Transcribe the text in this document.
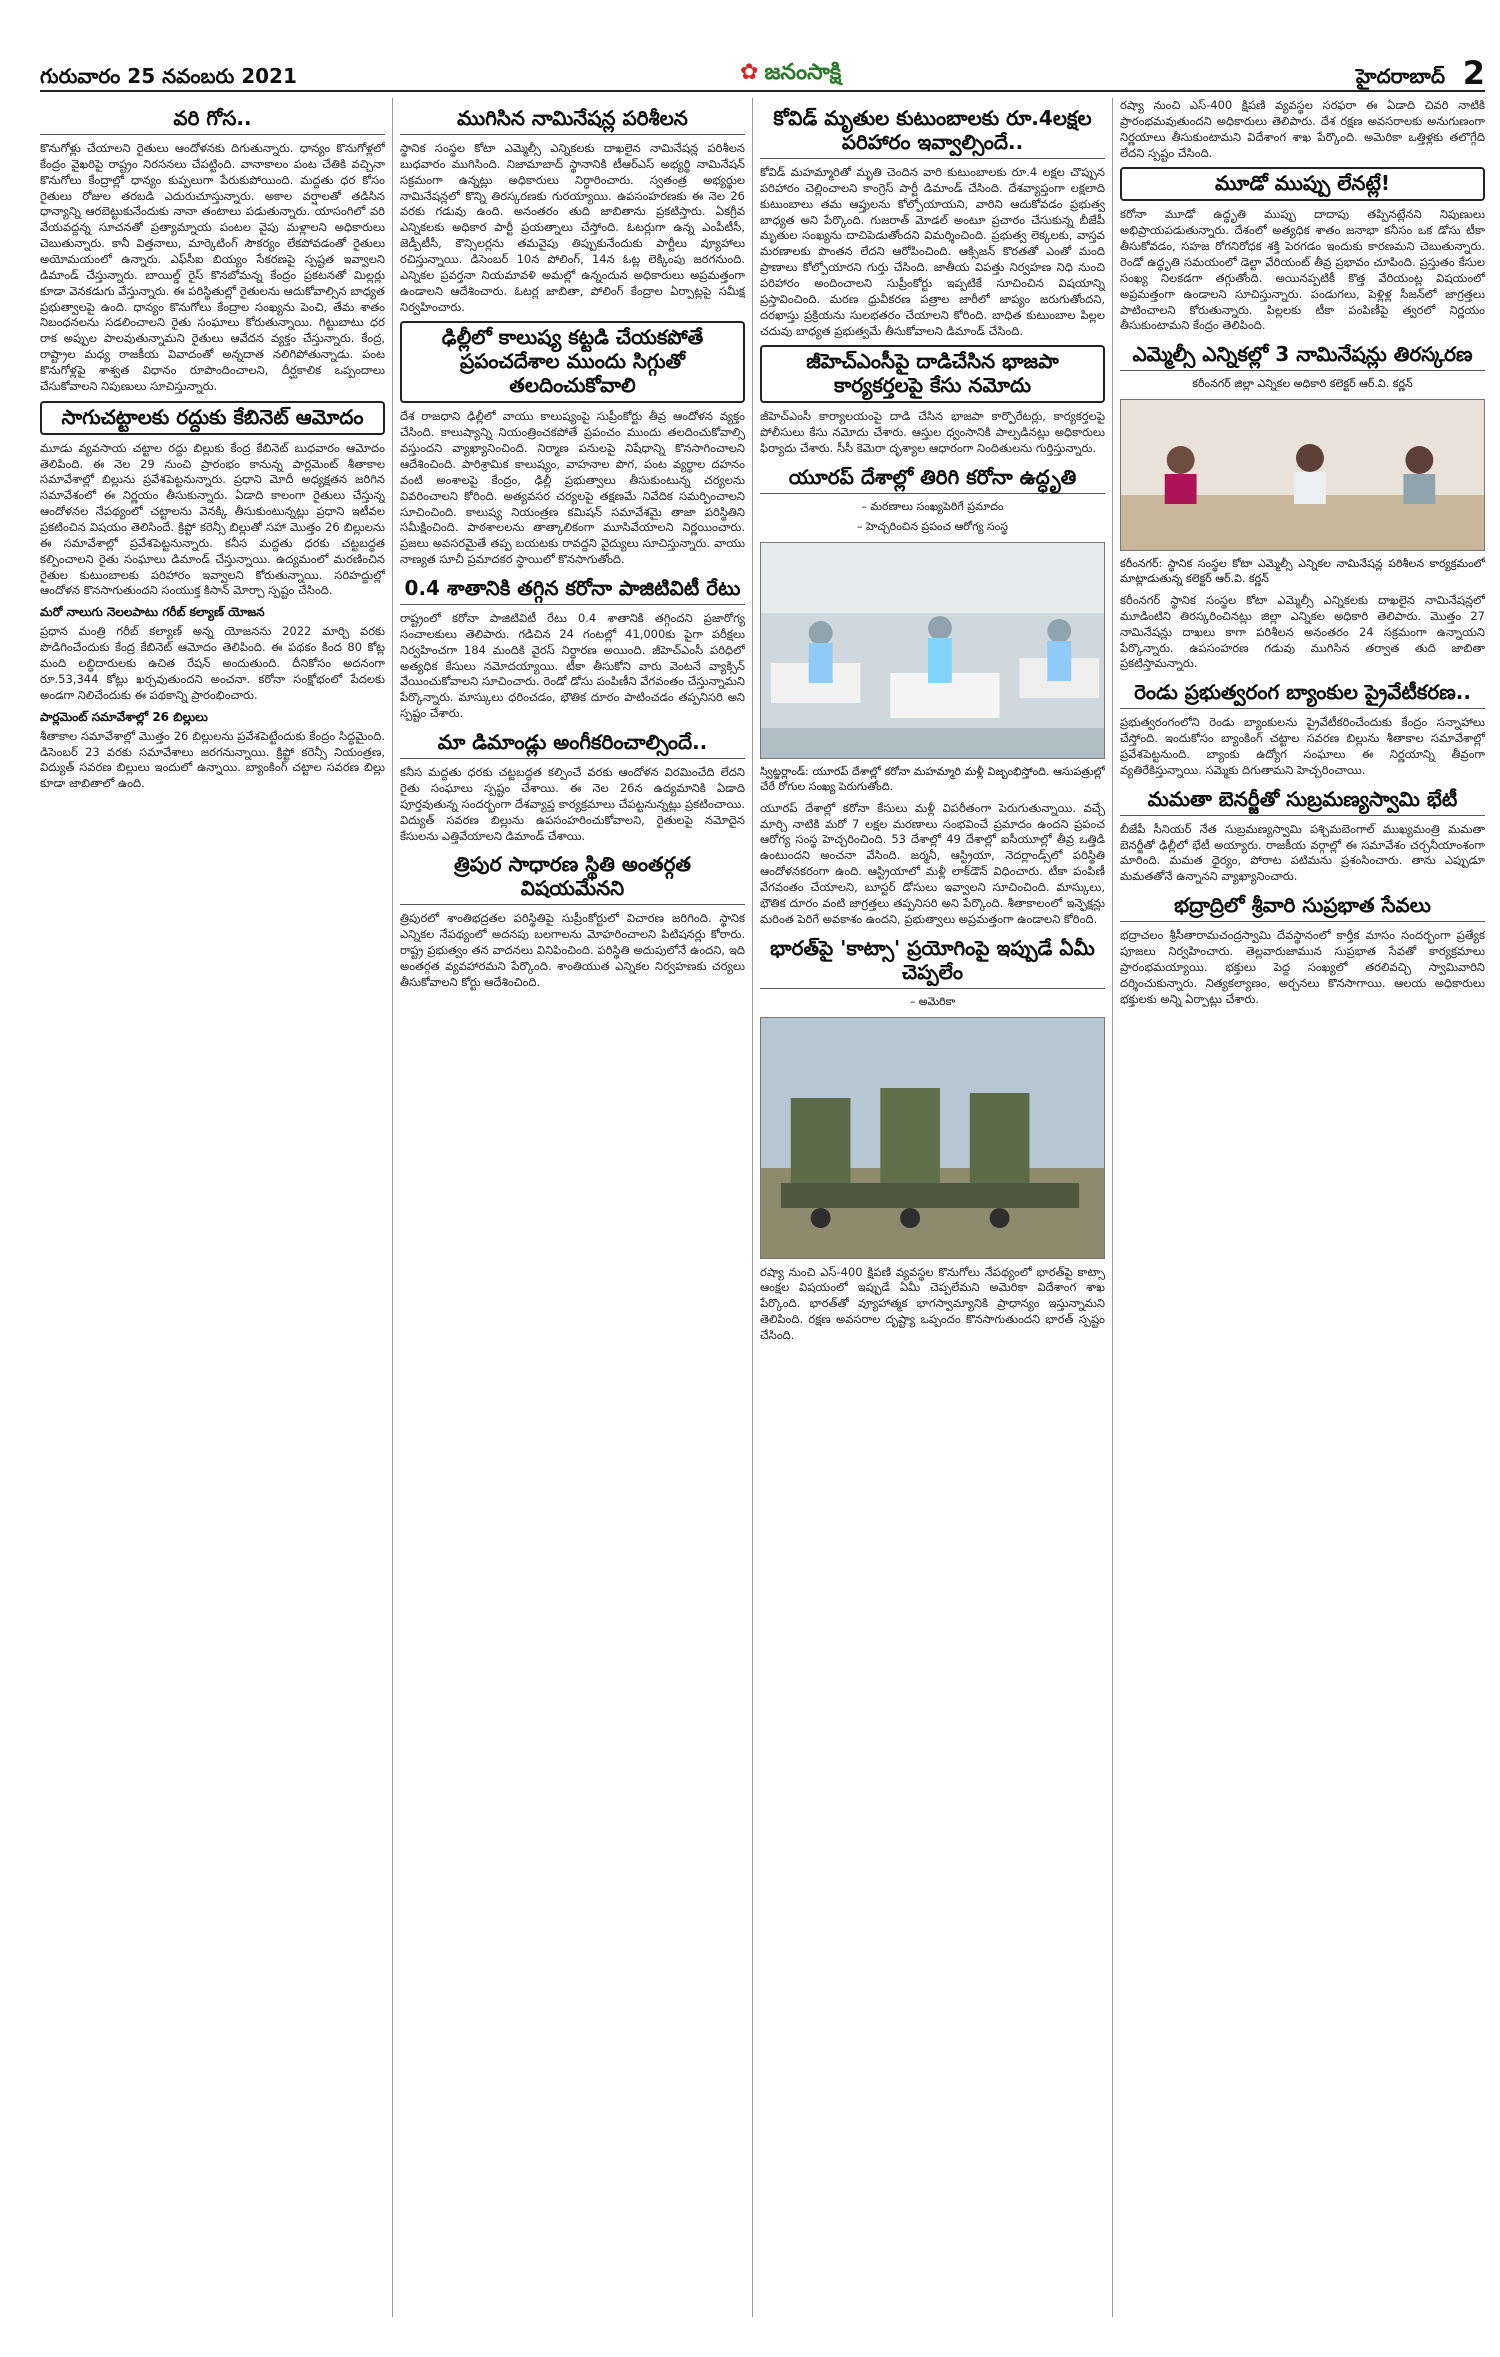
గురువారం 25 నవంబరు 2021	✿ జనంసాక్షి	హైదరాబాద్ 2
వరి గోస..

కొనుగోళ్లు చేయాలని రైతులు ఆందోళనకు దిగుతున్నారు. ధాన్యం కొనుగోళ్లలో కేంద్రం వైఖరిపై రాష్ట్రం నిరసనలు చేపట్టింది. వానాకాలం పంట చేతికి వచ్చినా కొనుగోలు కేంద్రాల్లో ధాన్యం కుప్పలుగా పేరుకుపోయింది. మద్దతు ధర కోసం రైతులు రోజుల తరబడి ఎదురుచూస్తున్నారు. అకాల వర్షాలతో తడిసిన ధాన్యాన్ని ఆరబెట్టుకునేందుకు నానా తంటాలు పడుతున్నారు. యాసంగిలో వరి వేయవద్దన్న సూచనతో ప్రత్యామ్నాయ పంటల వైపు మళ్లాలని అధికారులు చెబుతున్నారు. కానీ విత్తనాలు, మార్కెటింగ్ సౌకర్యం లేకపోవడంతో రైతులు అయోమయంలో ఉన్నారు. ఎఫ్‌సీఐ బియ్యం సేకరణపై స్పష్టత ఇవ్వాలని డిమాండ్ చేస్తున్నారు. బాయిల్డ్ రైస్ కొనబోమన్న కేంద్రం ప్రకటనతో మిల్లర్లు కూడా వెనకడుగు వేస్తున్నారు. ఈ పరిస్థితుల్లో రైతులను ఆదుకోవాల్సిన బాధ్యత ప్రభుత్వాలపై ఉంది. ధాన్యం కొనుగోలు కేంద్రాల సంఖ్యను పెంచి, తేమ శాతం నిబంధనలను సడలించాలని రైతు సంఘాలు కోరుతున్నాయి. గిట్టుబాటు ధర రాక అప్పుల పాలవుతున్నామని రైతులు ఆవేదన వ్యక్తం చేస్తున్నారు. కేంద్ర, రాష్ట్రాల మధ్య రాజకీయ వివాదంతో అన్నదాత నలిగిపోతున్నాడు. పంట కొనుగోళ్లపై శాశ్వత విధానం రూపొందించాలని, దీర్ఘకాలిక ఒప్పందాలు చేసుకోవాలని నిపుణులు సూచిస్తున్నారు.

సాగుచట్టాలకు రద్దుకు కేబినెట్ ఆమోదం

మూడు వ్యవసాయ చట్టాల రద్దు బిల్లుకు కేంద్ర కేబినెట్ బుధవారం ఆమోదం తెలిపింది. ఈ నెల 29 నుంచి ప్రారంభం కానున్న పార్లమెంట్ శీతాకాల సమావేశాల్లో బిల్లును ప్రవేశపెట్టనున్నారు. ప్రధాని మోదీ అధ్యక్షతన జరిగిన సమావేశంలో ఈ నిర్ణయం తీసుకున్నారు. ఏడాది కాలంగా రైతులు చేస్తున్న ఆందోళనల నేపథ్యంలో చట్టాలను వెనక్కి తీసుకుంటున్నట్లు ప్రధాని ఇటీవల ప్రకటించిన విషయం తెలిసిందే. క్రిప్టో కరెన్సీ బిల్లుతో సహా మొత్తం 26 బిల్లులను ఈ సమావేశాల్లో ప్రవేశపెట్టనున్నారు. కనీస మద్దతు ధరకు చట్టబద్ధత కల్పించాలని రైతు సంఘాలు డిమాండ్ చేస్తున్నాయి. ఉద్యమంలో మరణించిన రైతుల కుటుంబాలకు పరిహారం ఇవ్వాలని కోరుతున్నాయి. సరిహద్దుల్లో ఆందోళన కొనసాగుతుందని సంయుక్త కిసాన్ మోర్చా స్పష్టం చేసింది.

మరో నాలుగు నెలలపాటు గరీబ్ కల్యాణ్ యోజన

ప్రధాన మంత్రి గరీబ్ కల్యాణ్ అన్న యోజనను 2022 మార్చి వరకు పొడిగించేందుకు కేంద్ర కేబినెట్ ఆమోదం తెలిపింది. ఈ పథకం కింద 80 కోట్ల మంది లబ్ధిదారులకు ఉచిత రేషన్ అందుతుంది. దీనికోసం అదనంగా రూ.53,344 కోట్లు ఖర్చవుతుందని అంచనా. కరోనా సంక్షోభంలో పేదలకు అండగా నిలిచేందుకు ఈ పథకాన్ని ప్రారంభించారు.

పార్లమెంట్ సమావేశాల్లో 26 బిల్లులు

శీతాకాల సమావేశాల్లో మొత్తం 26 బిల్లులను ప్రవేశపెట్టేందుకు కేంద్రం సిద్ధమైంది. డిసెంబర్ 23 వరకు సమావేశాలు జరగనున్నాయి. క్రిప్టో కరెన్సీ నియంత్రణ, విద్యుత్ సవరణ బిల్లులు ఇందులో ఉన్నాయి. బ్యాంకింగ్ చట్టాల సవరణ బిల్లు కూడా జాబితాలో ఉంది.

ముగిసిన నామినేషన్ల పరిశీలన

స్థానిక సంస్థల కోటా ఎమ్మెల్సీ ఎన్నికలకు దాఖలైన నామినేషన్ల పరిశీలన బుధవారం ముగిసింది. నిజామాబాద్ స్థానానికి టీఆర్ఎస్ అభ్యర్థి నామినేషన్ సక్రమంగా ఉన్నట్లు అధికారులు నిర్ధారించారు. స్వతంత్ర అభ్యర్థుల నామినేషన్లలో కొన్ని తిరస్కరణకు గురయ్యాయి. ఉపసంహరణకు ఈ నెల 26 వరకు గడువు ఉంది. అనంతరం తుది జాబితాను ప్రకటిస్తారు. ఏకగ్రీవ ఎన్నికలకు అధికార పార్టీ ప్రయత్నాలు చేస్తోంది. ఓటర్లుగా ఉన్న ఎంపీటీసీ, జెడ్పీటీసీ, కౌన్సిలర్లను తమవైపు తిప్పుకునేందుకు పార్టీలు వ్యూహాలు రచిస్తున్నాయి. డిసెంబర్ 10న పోలింగ్, 14న ఓట్ల లెక్కింపు జరగనుంది. ఎన్నికల ప్రవర్తనా నియమావళి అమల్లో ఉన్నందున అధికారులు అప్రమత్తంగా ఉండాలని ఆదేశించారు. ఓటర్ల జాబితా, పోలింగ్ కేంద్రాల ఏర్పాట్లపై సమీక్ష నిర్వహించారు.

ఢిల్లీలో కాలుష్య కట్టడి చేయకపోతే ప్రపంచదేశాల ముందు సిగ్గుతో తలదించుకోవాలి

దేశ రాజధాని ఢిల్లీలో వాయు కాలుష్యంపై సుప్రీంకోర్టు తీవ్ర ఆందోళన వ్యక్తం చేసింది. కాలుష్యాన్ని నియంత్రించకపోతే ప్రపంచం ముందు తలదించుకోవాల్సి వస్తుందని వ్యాఖ్యానించింది. నిర్మాణ పనులపై నిషేధాన్ని కొనసాగించాలని ఆదేశించింది. పారిశ్రామిక కాలుష్యం, వాహనాల పొగ, పంట వ్యర్థాల దహనం వంటి అంశాలపై కేంద్రం, ఢిల్లీ ప్రభుత్వాలు తీసుకుంటున్న చర్యలను వివరించాలని కోరింది. అత్యవసర చర్యలపై తక్షణమే నివేదిక సమర్పించాలని సూచించింది. కాలుష్య నియంత్రణ కమిషన్ సమావేశమై తాజా పరిస్థితిని సమీక్షించింది. పాఠశాలలను తాత్కాలికంగా మూసివేయాలని నిర్ణయించారు. ప్రజలు అవసరమైతే తప్ప బయటకు రావద్దని వైద్యులు సూచిస్తున్నారు. వాయు నాణ్యత సూచీ ప్రమాదకర స్థాయిలో కొనసాగుతోంది.

0.4 శాతానికి తగ్గిన కరోనా పాజిటివిటీ రేటు

రాష్ట్రంలో కరోనా పాజిటివిటీ రేటు 0.4 శాతానికి తగ్గిందని ప్రజారోగ్య సంచాలకులు తెలిపారు. గడిచిన 24 గంటల్లో 41,000కు పైగా పరీక్షలు నిర్వహించగా 184 మందికి వైరస్ నిర్ధారణ అయింది. జీహెచ్ఎంసీ పరిధిలో అత్యధిక కేసులు నమోదయ్యాయి. టీకా తీసుకోని వారు వెంటనే వ్యాక్సిన్ వేయించుకోవాలని సూచించారు. రెండో డోసు పంపిణీని వేగవంతం చేస్తున్నామని పేర్కొన్నారు. మాస్కులు ధరించడం, భౌతిక దూరం పాటించడం తప్పనిసరి అని స్పష్టం చేశారు.

మా డిమాండ్లు అంగీకరించాల్సిందే..

కనీస మద్దతు ధరకు చట్టబద్ధత కల్పించే వరకు ఆందోళన విరమించేది లేదని రైతు సంఘాలు స్పష్టం చేశాయి. ఈ నెల 26న ఉద్యమానికి ఏడాది పూర్తవుతున్న సందర్భంగా దేశవ్యాప్త కార్యక్రమాలు చేపట్టనున్నట్లు ప్రకటించాయి. విద్యుత్ సవరణ బిల్లును ఉపసంహరించుకోవాలని, రైతులపై నమోదైన కేసులను ఎత్తివేయాలని డిమాండ్ చేశాయి.

త్రిపుర సాధారణ స్థితి అంతర్గత విషయమేనని

త్రిపురలో శాంతిభద్రతల పరిస్థితిపై సుప్రీంకోర్టులో విచారణ జరిగింది. స్థానిక ఎన్నికల నేపథ్యంలో అదనపు బలగాలను మోహరించాలని పిటిషనర్లు కోరారు. రాష్ట్ర ప్రభుత్వం తన వాదనలు వినిపించింది. పరిస్థితి అదుపులోనే ఉందని, ఇది అంతర్గత వ్యవహారమని పేర్కొంది. శాంతియుత ఎన్నికల నిర్వహణకు చర్యలు తీసుకోవాలని కోర్టు ఆదేశించింది.

కోవిడ్ మృతుల కుటుంబాలకు రూ.4లక్షల పరిహారం ఇవ్వాల్సిందే..

కోవిడ్ మహమ్మారితో మృతి చెందిన వారి కుటుంబాలకు రూ.4 లక్షల చొప్పున పరిహారం చెల్లించాలని కాంగ్రెస్ పార్టీ డిమాండ్ చేసింది. దేశవ్యాప్తంగా లక్షలాది కుటుంబాలు తమ ఆప్తులను కోల్పోయాయని, వారిని ఆదుకోవడం ప్రభుత్వ బాధ్యత అని పేర్కొంది. గుజరాత్ మోడల్ అంటూ ప్రచారం చేసుకున్న బీజేపీ మృతుల సంఖ్యను దాచిపెడుతోందని విమర్శించింది. ప్రభుత్వ లెక్కలకు, వాస్తవ మరణాలకు పొంతన లేదని ఆరోపించింది. ఆక్సిజన్ కొరతతో ఎంతో మంది ప్రాణాలు కోల్పోయారని గుర్తు చేసింది. జాతీయ విపత్తు నిర్వహణ నిధి నుంచి పరిహారం అందించాలని సుప్రీంకోర్టు ఇప్పటికే సూచించిన విషయాన్ని ప్రస్తావించింది. మరణ ధ్రువీకరణ పత్రాల జారీలో జాప్యం జరుగుతోందని, దరఖాస్తు ప్రక్రియను సులభతరం చేయాలని కోరింది. బాధిత కుటుంబాల పిల్లల చదువు బాధ్యత ప్రభుత్వమే తీసుకోవాలని డిమాండ్ చేసింది.

జీహెచ్ఎంసీపై దాడిచేసిన భాజపా కార్యకర్తలపై కేసు నమోదు

జీహెచ్ఎంసీ కార్యాలయంపై దాడి చేసిన భాజపా కార్పొరేటర్లు, కార్యకర్తలపై పోలీసులు కేసు నమోదు చేశారు. ఆస్తుల ధ్వంసానికి పాల్పడినట్లు అధికారులు ఫిర్యాదు చేశారు. సీసీ కెమెరా దృశ్యాల ఆధారంగా నిందితులను గుర్తిస్తున్నారు.

యూరప్ దేశాల్లో తిరిగి కరోనా ఉద్ధృతి
– మరణాలు సంఖ్యపెరిగే ప్రమాదం
– హెచ్చరించిన ప్రపంచ ఆరోగ్య సంస్థ

స్విట్జర్లాండ్: యూరప్ దేశాల్లో కరోనా మహమ్మారి మళ్లీ విజృంభిస్తోంది. ఆసుపత్రుల్లో చేరే రోగుల సంఖ్య పెరుగుతోంది.

యూరప్ దేశాల్లో కరోనా కేసులు మళ్లీ విపరీతంగా పెరుగుతున్నాయి. వచ్చే మార్చి నాటికి మరో 7 లక్షల మరణాలు సంభవించే ప్రమాదం ఉందని ప్రపంచ ఆరోగ్య సంస్థ హెచ్చరించింది. 53 దేశాల్లో 49 దేశాల్లో ఐసీయూల్లో తీవ్ర ఒత్తిడి ఉంటుందని అంచనా వేసింది. జర్మనీ, ఆస్ట్రియా, నెదర్లాండ్స్‌లో పరిస్థితి ఆందోళనకరంగా ఉంది. ఆస్ట్రియాలో మళ్లీ లాక్‌డౌన్ విధించారు. టీకా పంపిణీ వేగవంతం చేయాలని, బూస్టర్ డోసులు ఇవ్వాలని సూచించింది. మాస్కులు, భౌతిక దూరం వంటి జాగ్రత్తలు తప్పనిసరి అని పేర్కొంది. శీతాకాలంలో ఇన్ఫెక్షన్లు మరింత పెరిగే అవకాశం ఉందని, ప్రభుత్వాలు అప్రమత్తంగా ఉండాలని కోరింది.

భారత్‌పై 'కాట్సా' ప్రయోగింపై ఇప్పుడే ఏమీ చెప్పలేం
– అమెరికా

రష్యా నుంచి ఎస్-400 క్షిపణి వ్యవస్థల కొనుగోలు నేపథ్యంలో భారత్‌పై కాట్సా ఆంక్షల విషయంలో ఇప్పుడే ఏమీ చెప్పలేమని అమెరికా విదేశాంగ శాఖ పేర్కొంది. భారత్‌తో వ్యూహాత్మక భాగస్వామ్యానికి ప్రాధాన్యం ఇస్తున్నామని తెలిపింది. రక్షణ అవసరాల దృష్ట్యా ఒప్పందం కొనసాగుతుందని భారత్ స్పష్టం చేసింది.

రష్యా నుంచి ఎస్-400 క్షిపణి వ్యవస్థల సరఫరా ఈ ఏడాది చివరి నాటికి ప్రారంభమవుతుందని అధికారులు తెలిపారు. దేశ రక్షణ అవసరాలకు అనుగుణంగా నిర్ణయాలు తీసుకుంటామని విదేశాంగ శాఖ పేర్కొంది. అమెరికా ఒత్తిళ్లకు తలొగ్గేది లేదని స్పష్టం చేసింది.

మూడో ముప్పు లేనట్లే!

కరోనా మూడో ఉద్ధృతి ముప్పు దాదాపు తప్పినట్లేనని నిపుణులు అభిప్రాయపడుతున్నారు. దేశంలో అత్యధిక శాతం జనాభా కనీసం ఒక డోసు టీకా తీసుకోవడం, సహజ రోగనిరోధక శక్తి పెరగడం ఇందుకు కారణమని చెబుతున్నారు. రెండో ఉద్ధృతి సమయంలో డెల్టా వేరియంట్ తీవ్ర ప్రభావం చూపింది. ప్రస్తుతం కేసుల సంఖ్య నిలకడగా తగ్గుతోంది. అయినప్పటికీ కొత్త వేరియంట్ల విషయంలో అప్రమత్తంగా ఉండాలని సూచిస్తున్నారు. పండుగలు, పెళ్లిళ్ల సీజన్‌లో జాగ్రత్తలు పాటించాలని కోరుతున్నారు. పిల్లలకు టీకా పంపిణీపై త్వరలో నిర్ణయం తీసుకుంటామని కేంద్రం తెలిపింది.

ఎమ్మెల్సీ ఎన్నికల్లో 3 నామినేషన్లు తిరస్కరణ
కరీంనగర్ జిల్లా ఎన్నికల అధికారి కలెక్టర్ ఆర్.వి. కర్ణన్

కరీంనగర్: స్థానిక సంస్థల కోటా ఎమ్మెల్సీ ఎన్నికల నామినేషన్ల పరిశీలన కార్యక్రమంలో మాట్లాడుతున్న కలెక్టర్ ఆర్.వి. కర్ణన్

కరీంనగర్ స్థానిక సంస్థల కోటా ఎమ్మెల్సీ ఎన్నికలకు దాఖలైన నామినేషన్లలో మూడింటిని తిరస్కరించినట్లు జిల్లా ఎన్నికల అధికారి తెలిపారు. మొత్తం 27 నామినేషన్లు దాఖలు కాగా పరిశీలన అనంతరం 24 సక్రమంగా ఉన్నాయని పేర్కొన్నారు. ఉపసంహరణ గడువు ముగిసిన తర్వాత తుది జాబితా ప్రకటిస్తామన్నారు.

రెండు ప్రభుత్వరంగ బ్యాంకుల ప్రైవేటీకరణ..

ప్రభుత్వరంగంలోని రెండు బ్యాంకులను ప్రైవేటీకరించేందుకు కేంద్రం సన్నాహాలు చేస్తోంది. ఇందుకోసం బ్యాంకింగ్ చట్టాల సవరణ బిల్లును శీతాకాల సమావేశాల్లో ప్రవేశపెట్టనుంది. బ్యాంకు ఉద్యోగ సంఘాలు ఈ నిర్ణయాన్ని తీవ్రంగా వ్యతిరేకిస్తున్నాయి. సమ్మెకు దిగుతామని హెచ్చరించాయి.

మమతా బెనర్జీతో సుబ్రమణ్యస్వామి భేటీ

బీజేపీ సీనియర్ నేత సుబ్రమణ్యస్వామి పశ్చిమబెంగాల్ ముఖ్యమంత్రి మమతా బెనర్జీతో ఢిల్లీలో భేటీ అయ్యారు. రాజకీయ వర్గాల్లో ఈ సమావేశం చర్చనీయాంశంగా మారింది. మమత ధైర్యం, పోరాట పటిమను ప్రశంసించారు. తాను ఎప్పుడూ మమతతోనే ఉన్నానని వ్యాఖ్యానించారు.

భద్రాద్రిలో శ్రీవారి సుప్రభాత సేవలు

భద్రాచలం శ్రీసీతారామచంద్రస్వామి దేవస్థానంలో కార్తీక మాసం సందర్భంగా ప్రత్యేక పూజలు నిర్వహించారు. తెల్లవారుజామున సుప్రభాత సేవతో కార్యక్రమాలు ప్రారంభమయ్యాయి. భక్తులు పెద్ద సంఖ్యలో తరలివచ్చి స్వామివారిని దర్శించుకున్నారు. నిత్యకల్యాణం, అర్చనలు కొనసాగాయి. ఆలయ అధికారులు భక్తులకు అన్ని ఏర్పాట్లు చేశారు.
